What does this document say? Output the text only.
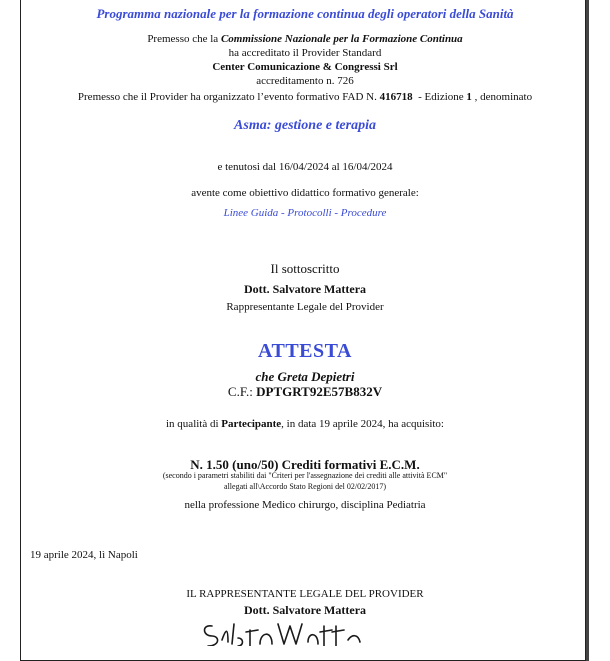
Programma nazionale per la formazione continua degli operatori della Sanità
Premesso che la Commissione Nazionale per la Formazione Continua
ha accreditato il Provider Standard
Center Comunicazione & Congressi Srl
accreditamento n. 726
Premesso che il Provider ha organizzato l’evento formativo FAD N. 416718  - Edizione 1 , denominato
Asma: gestione e terapia
e tenutosi dal 16/04/2024 al 16/04/2024
avente come obiettivo didattico formativo generale:
Linee Guida - Protocolli - Procedure
Il sottoscritto
Dott. Salvatore Mattera
Rappresentante Legale del Provider
ATTESTA
che Greta Depietri
C.F.: DPTGRT92E57B832V
in qualità di Partecipante, in data 19 aprile 2024, ha acquisito:
N. 1.50 (uno/50) Crediti formativi E.C.M.
(secondo i parametri stabiliti dai "Criteri per l'assegnazione dei crediti alle attività ECM"
allegati all\Accordo Stato Regioni del 02/02/2017)
nella professione Medico chirurgo, disciplina Pediatria
19 aprile 2024, lì Napoli
IL RAPPRESENTANTE LEGALE DEL PROVIDER
Dott. Salvatore Mattera
